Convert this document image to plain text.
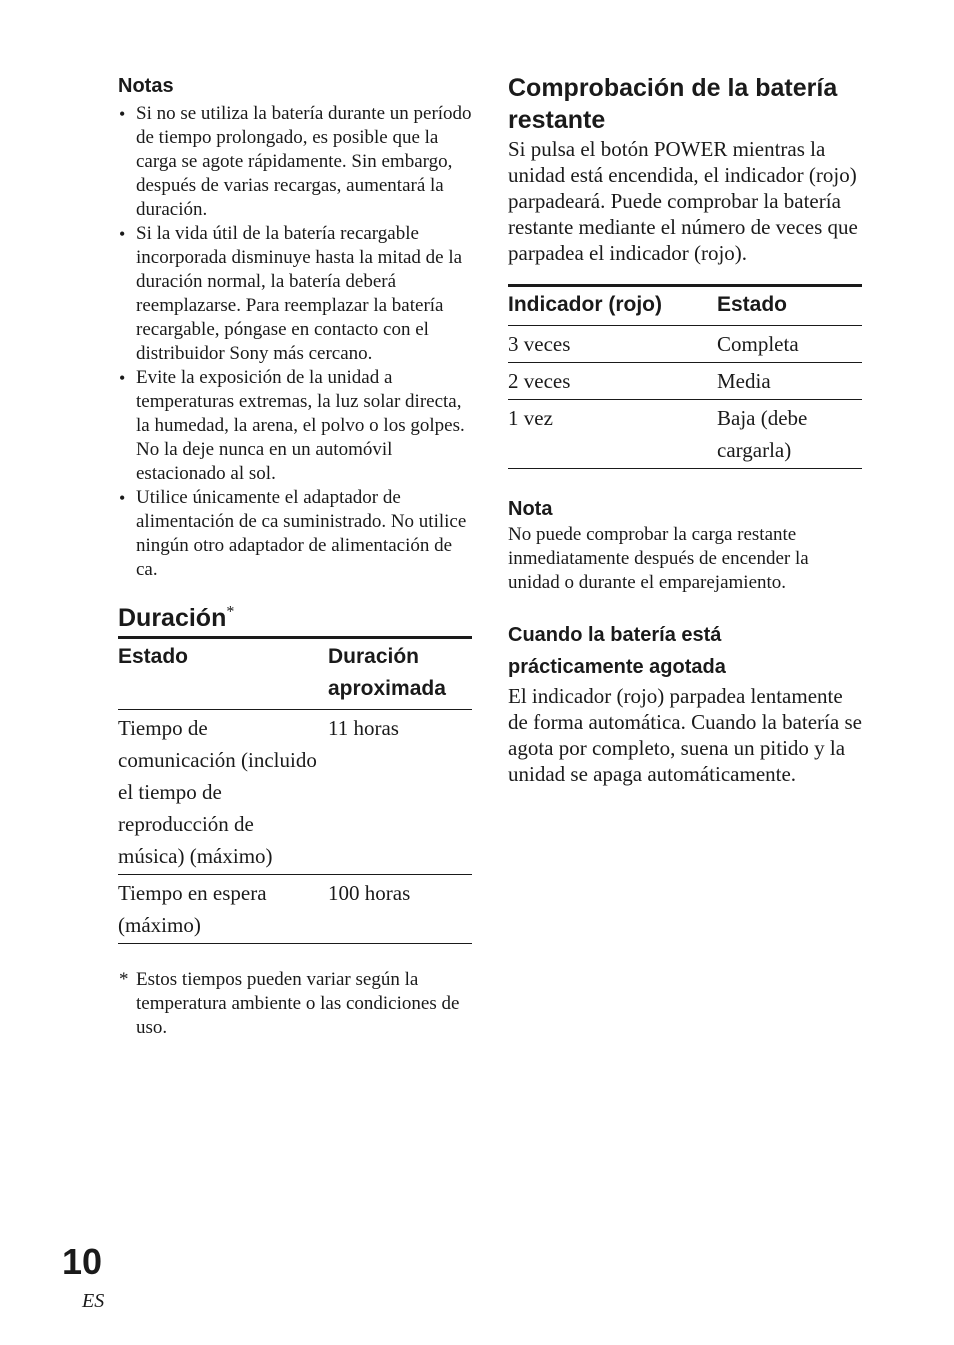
Notas
• Si no se utiliza la batería durante un período de tiempo prolongado, es posible que la carga se agote rápidamente. Sin embargo, después de varias recargas, aumentará la duración.
• Si la vida útil de la batería recargable incorporada disminuye hasta la mitad de la duración normal, la batería deberá reemplazarse. Para reemplazar la batería recargable, póngase en contacto con el distribuidor Sony más cercano.
• Evite la exposición de la unidad a temperaturas extremas, la luz solar directa, la humedad, la arena, el polvo o los golpes. No la deje nunca en un automóvil estacionado al sol.
• Utilice únicamente el adaptador de alimentación de ca suministrado. No utilice ningún otro adaptador de alimentación de ca.
Duración*
Estado	Duración aproximada
Tiempo de comunicación (incluido el tiempo de reproducción de música) (máximo)	11 horas
Tiempo en espera (máximo)	100 horas
* Estos tiempos pueden variar según la temperatura ambiente o las condiciones de uso.
Comprobación de la batería restante

Si pulsa el botón POWER mientras la unidad está encendida, el indicador (rojo) parpadeará. Puede comprobar la batería restante mediante el número de veces que parpadea el indicador (rojo).

Indicador (rojo)	Estado
3 veces	Completa
2 veces	Media
1 vez	Baja (debe cargarla)
Nota

No puede comprobar la carga restante inmediatamente después de encender la unidad o durante el emparejamiento.

Cuando la batería está prácticamente agotada

El indicador (rojo) parpadea lentamente de forma automática. Cuando la batería se agota por completo, suena un pitido y la unidad se apaga automáticamente.

10
ES
